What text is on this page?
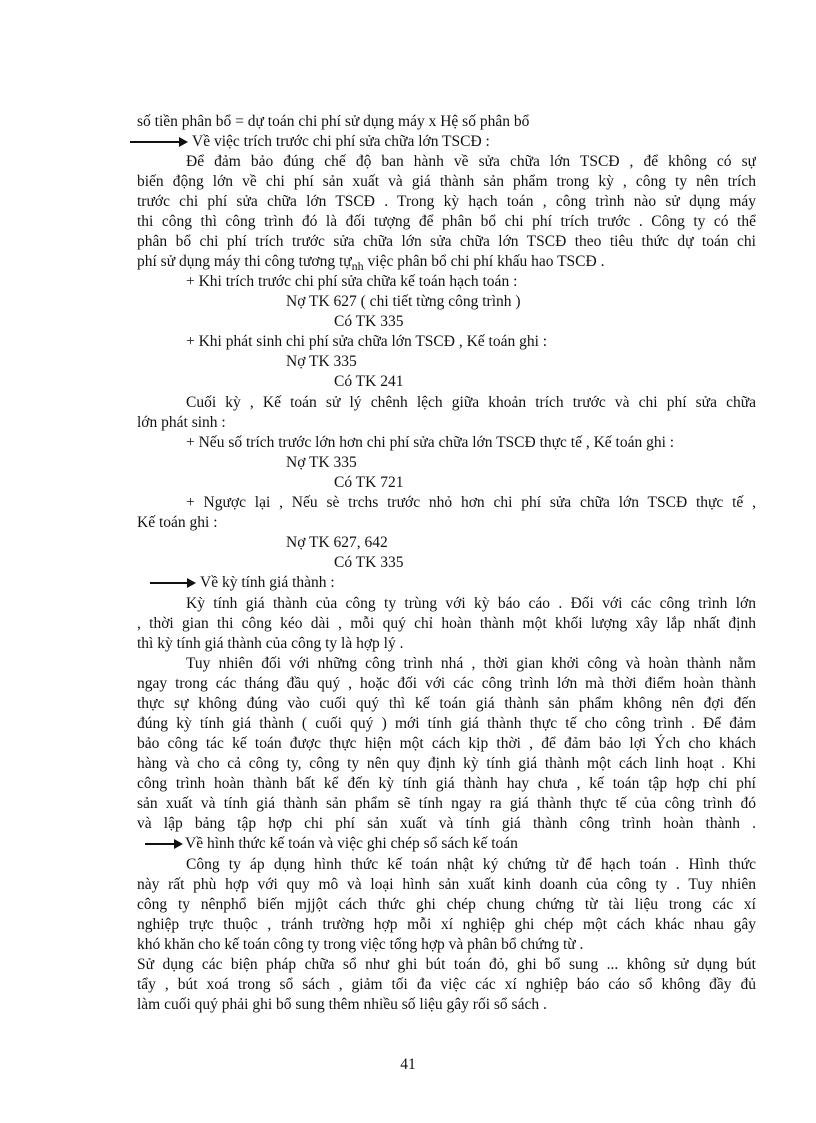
số tiền phân bổ = dự toán chi phí sử dụng máy x Hệ số phân bổ
Về việc trích trước chi phí sửa chữa lớn TSCĐ :
Để đảm bảo đúng chế độ ban hành về sửa chữa lớn TSCĐ , để không có sự
biến động lớn về chi phí sản xuất và giá thành sản phẩm trong kỳ , công ty nên trích
trước chi phí sửa chữa lớn TSCĐ . Trong kỳ hạch toán , công trình nào sử dụng máy
thi công thì công trình đó là đối tượng để phân bổ chi phí trích trước . Công ty có thể
phân bổ chi phí trích trước sửa chữa lớn sửa chữa lớn TSCĐ theo tiêu thức dự toán chi
phí sử dụng máy thi công tương tự$_{nh}$ việc phân bổ chi phí khấu hao TSCĐ .
+ Khi trích trước chi phí sửa chữa kế toán hạch toán :
Nợ TK 627 ( chi tiết từng công trình )
Có TK 335
+ Khi phát sinh chi phí sửa chữa lớn TSCĐ , Kế toán ghi :
Nợ TK 335
Có TK 241
Cuối kỳ , Kế toán sử lý chênh lệch giữa khoản trích trước và chi phí sửa chữa
lớn phát sinh :
+ Nếu số trích trước lớn hơn chi phí sửa chữa lớn TSCĐ thực tế , Kế toán ghi :
Nợ TK 335
Có TK 721
+ Ngược lại , Nếu sè trchs trước nhỏ hơn chi phí sửa chữa lớn TSCĐ thực tế ,
Kế toán ghi :
Nợ TK 627, 642
Có TK 335
Về kỳ tính giá thành :
Kỳ tính giá thành của công ty trùng với kỳ báo cáo . Đối với các công trình lớn
, thời gian thi công kéo dài , mỗi quý chỉ hoàn thành một khối lượng xây lắp nhất định
thì kỳ tính giá thành của công ty là hợp lý .
Tuy nhiên đối với những công trình nhá , thời gian khởi công và hoàn thành nằm
ngay trong các tháng đầu quý , hoặc đối với các công trình lớn mà thời điểm hoàn thành
thực sự không đúng vào cuối quý thì kế toán giá thành sản phẩm không nên đợi đến
đúng kỳ tính giá thành ( cuối quý ) mới tính giá thành thực tế cho công trình . Để đảm
bảo công tác kế toán được thực hiện một cách kịp thời , để đảm bảo lợi Ých cho khách
hàng và cho cả công ty, công ty nên quy định kỳ tính giá thành một cách linh hoạt . Khi
công trình hoàn thành bất kể đến kỳ tính giá thành hay chưa , kế toán tập hợp chi phí
sản xuất và tính giá thành sản phẩm sẽ tính ngay ra giá thành thực tế của công trình đó
và lập bảng tập hợp chi phí sản xuất và tính giá thành công trình hoàn thành .
Về hình thức kế toán và việc ghi chép sổ sách kế toán
Công ty áp dụng hình thức kế toán nhật ký chứng từ để hạch toán . Hình thức
này rất phù hợp với quy mô và loại hình sản xuất kinh doanh của công ty . Tuy nhiên
công ty nênphổ biến mjjột cách thức ghi chép chung chứng từ tài liệu trong các xí
nghiệp trực thuộc , tránh trường hợp mỗi xí nghiệp ghi chép một cách khác nhau gây
khó khăn cho kế toán công ty trong việc tổng hợp và phân bổ chứng từ .
Sử dụng các biện pháp chữa sổ như ghi bút toán đỏ, ghi bổ sung ... không sử dụng bút
tẩy , bút xoá trong sổ sách , giảm tối đa việc các xí nghiệp báo cáo sổ không đầy đủ
làm cuối quý phải ghi bổ sung thêm nhiều số liệu gây rối sổ sách .
41
